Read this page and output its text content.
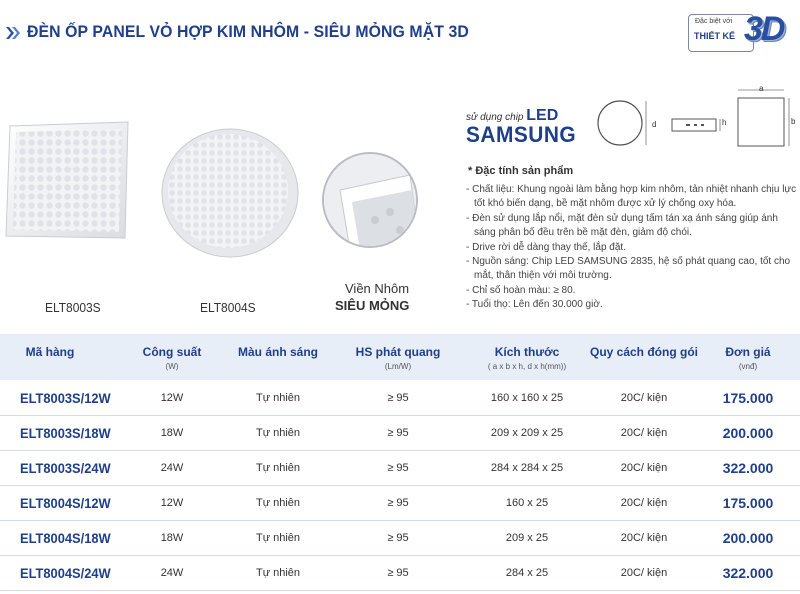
ĐÈN ỐP PANEL VỎ HỢP KIM NHÔM - SIÊU MỎNG MẶT 3D
Đặc biệt với
THIẾT KẾ 3D
ELT8003S	ELT8004S
Viền Nhôm
SIÊU MỎNG
sử dụng chip LED
SAMSUNG	d	h
a
b
* Đặc tính sản phẩm
- Chất liệu: Khung ngoài làm bằng hợp kim nhôm, tản nhiệt nhanh chịu lực tốt khó biến dạng, bề mặt nhôm được xử lý chống oxy hóa.
- Đèn sử dụng lắp nổi, mặt đèn sử dụng tấm tán xạ ánh sáng giúp ánh sáng phân bố đều trên bề mặt đèn, giảm độ chói.
- Drive rời dễ dàng thay thế, lắp đặt.
- Nguồn sáng: Chip LED SAMSUNG 2835, hệ số phát quang cao, tốt cho mắt, thân thiện với môi trường.
- Chỉ số hoàn màu: ≥ 80.
- Tuổi thọ: Lên đến 30.000 giờ.
Mã hàng	Công suất
(W)
Màu ánh sáng	HS phát quang
(Lm/W)
Kích thước
( a x b x h, d x h(mm))
Quy cách đóng gói	Đơn giá
(vnđ)
ELT8003S/12W	12W	Tự nhiên	≥ 95	160 x 160 x 25	20C/ kiện	175.000
ELT8003S/18W	18W	Tự nhiên	≥ 95	209 x 209 x 25	20C/ kiện	200.000
ELT8003S/24W	24W	Tự nhiên	≥ 95	284 x 284 x 25	20C/ kiện	322.000
ELT8004S/12W	12W	Tự nhiên	≥ 95	160 x 25	20C/ kiện	175.000
ELT8004S/18W	18W	Tự nhiên	≥ 95	209 x 25	20C/ kiện	200.000
ELT8004S/24W	24W	Tự nhiên	≥ 95	284 x 25	20C/ kiện	322.000
